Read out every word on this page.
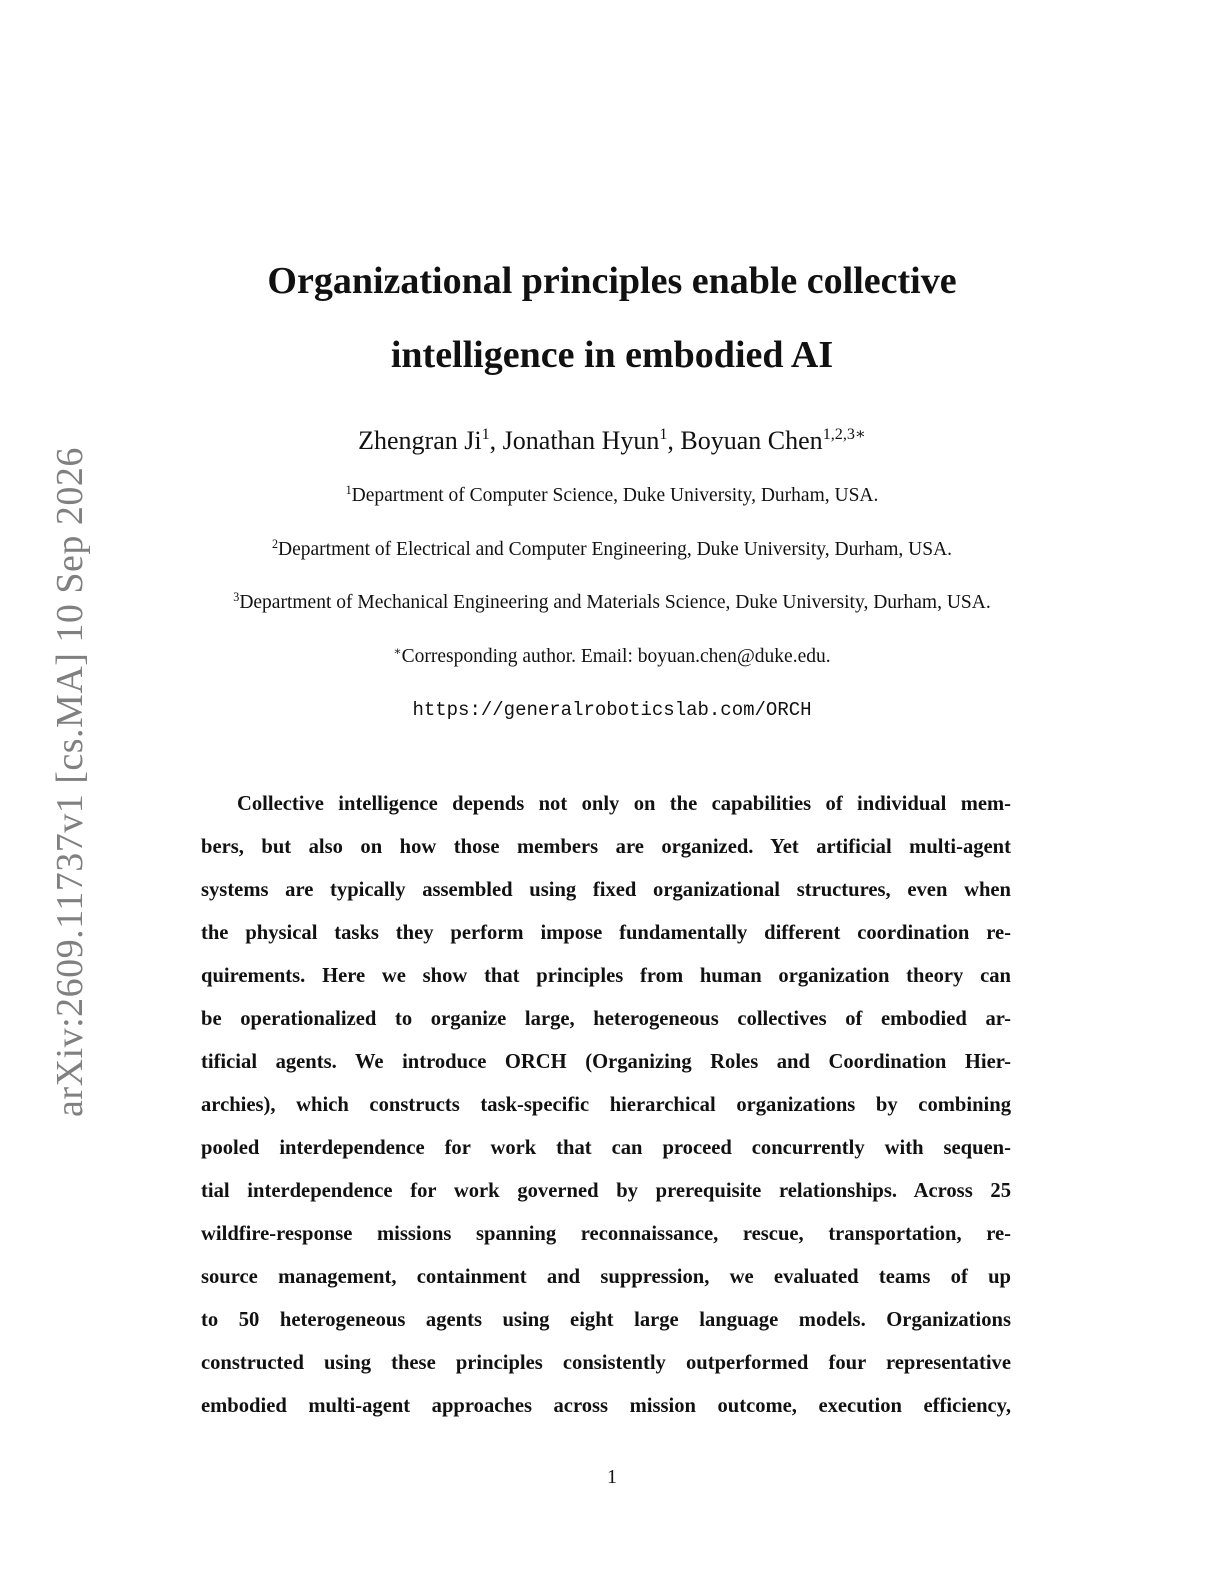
arXiv:2609.11737v1 [cs.MA] 10 Sep 2026
Organizational principles enable collective
intelligence in embodied AI
Zhengran Ji$^1$, Jonathan Hyun$^1$, Boyuan Chen$^{1,2,3∗}$
$^1$Department of Computer Science, Duke University, Durham, USA.
$^2$Department of Electrical and Computer Engineering, Duke University, Durham, USA.
$^3$Department of Mechanical Engineering and Materials Science, Duke University, Durham, USA.
∗Corresponding author. Email: boyuan.chen@duke.edu.
https://generalroboticslab.com/ORCH

Collective intelligence depends not only on the capabilities of individual mem-
bers, but also on how those members are organized. Yet artificial multi-agent
systems are typically assembled using fixed organizational structures, even when
the physical tasks they perform impose fundamentally different coordination re-
quirements. Here we show that principles from human organization theory can
be operationalized to organize large, heterogeneous collectives of embodied ar-
tificial agents. We introduce ORCH (Organizing Roles and Coordination Hier-
archies), which constructs task-specific hierarchical organizations by combining
pooled interdependence for work that can proceed concurrently with sequen-
tial interdependence for work governed by prerequisite relationships. Across 25
wildfire-response missions spanning reconnaissance, rescue, transportation, re-
source management, containment and suppression, we evaluated teams of up
to 50 heterogeneous agents using eight large language models. Organizations
constructed using these principles consistently outperformed four representative
embodied multi-agent approaches across mission outcome, execution efficiency,

1
